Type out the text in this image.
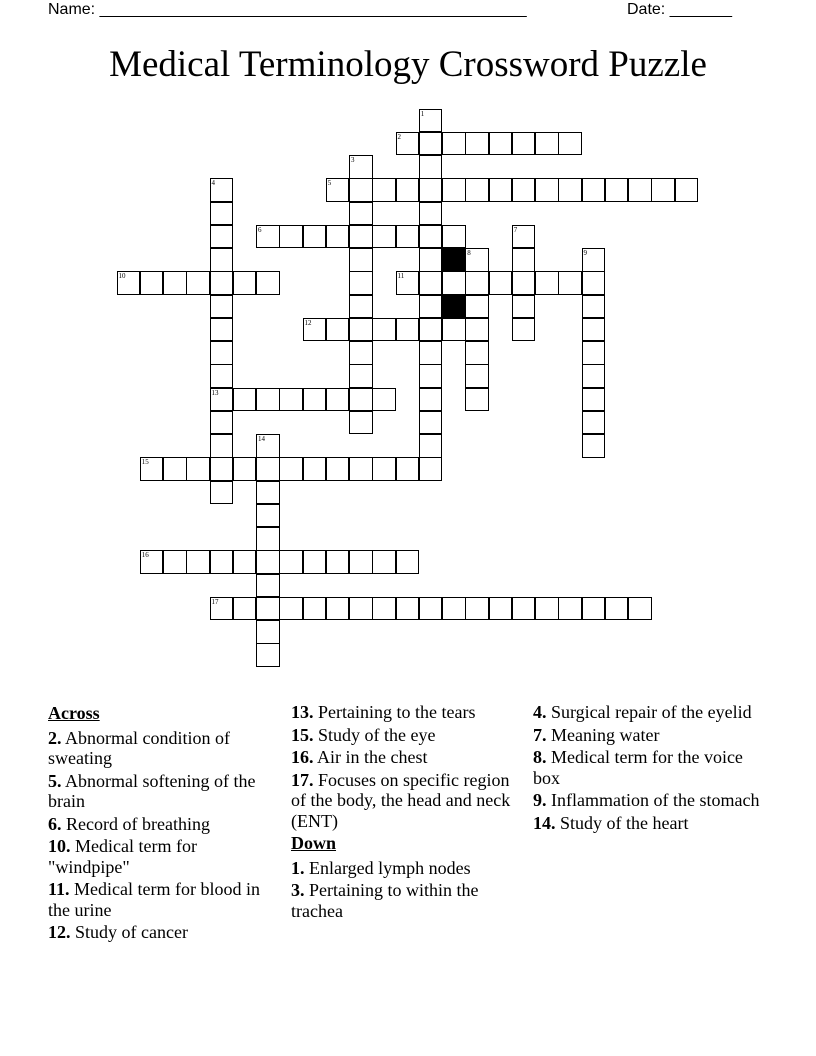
Name: ________________________________________________	Date: _______
Medical Terminology Crossword Puzzle
1
2
3
4
13
5
6	7
8	9
10	11
12
14
15
16
17
Across
2. Abnormal condition of sweating
5. Abnormal softening of the brain
6. Record of breathing
10. Medical term for "windpipe"
11. Medical term for blood in the urine
12. Study of cancer
13. Pertaining to the tears
15. Study of the eye
16. Air in the chest
17. Focuses on specific region of the body, the head and neck (ENT)
Down
1. Enlarged lymph nodes
3. Pertaining to within the trachea
4. Surgical repair of the eyelid
7. Meaning water
8. Medical term for the voice box
9. Inflammation of the stomach
14. Study of the heart
